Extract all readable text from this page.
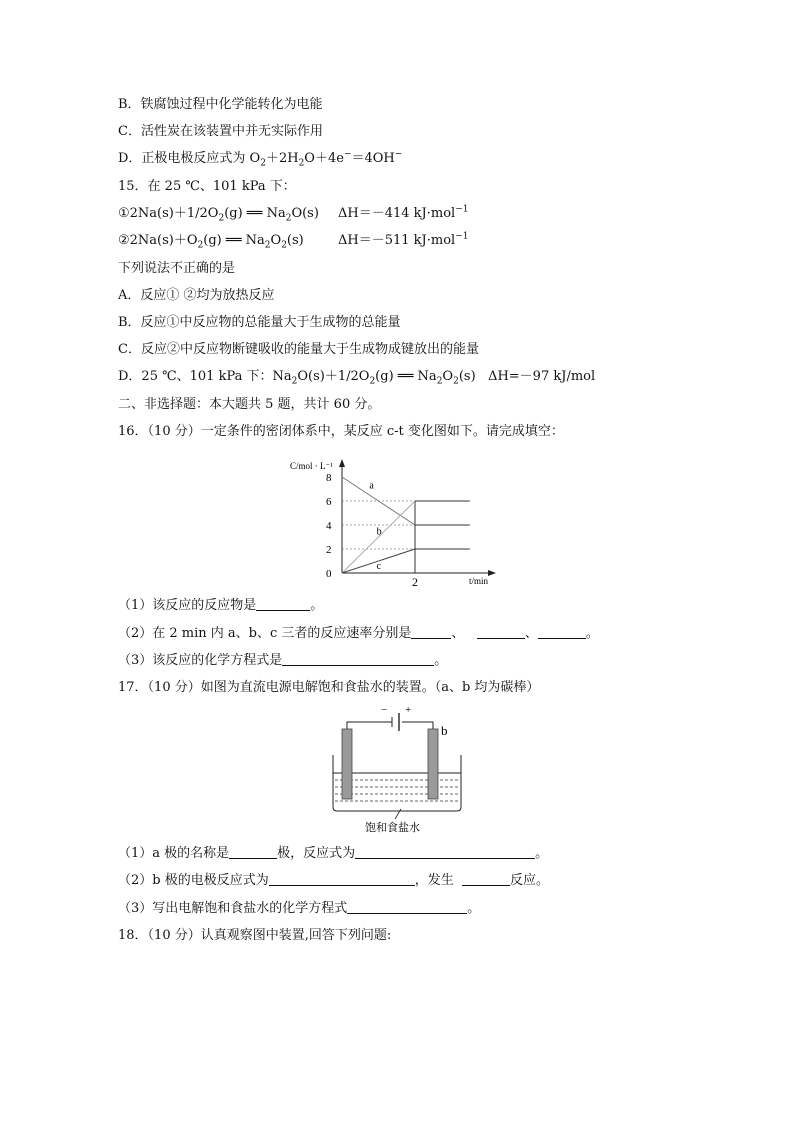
B．铁腐蚀过程中化学能转化为电能
C．活性炭在该装置中并无实际作用
D．正极电极反应式为 $O_2+2H_2O+4e^-=4OH^-$
15．在 25 ℃、101 kPa 下：
$①2Na(s)+1/2O_2(g)$ ══ $Na_2O(s)$ ΔH＝－414 kJ·mol$^{-1}$
$②2Na(s)+O_2(g)$ ══ $Na_2O_2(s)$	ΔH＝－511 kJ·mol$^{-1}$
下列说法不正确的是
A．反应① ②均为放热反应
B．反应①中反应物的总能量大于生成物的总能量
C．反应②中反应物断键吸收的能量大于生成物成键放出的能量
D．25 ℃、101 kPa 下：$Na_2O(s)+1/2O_2(g)$ ══ $Na_2O_2(s)$ ΔH=－97 kJ/mol
二、非选择题：本大题共 5 题，共计 60 分。
16．（10 分）一定条件的密闭体系中，某反应 c-t 变化图如下。请完成填空：
C/mol · L⁻¹
t/min
0
2
4
6
8
2
a
b
c
（1）该反应的反应物是	。
（2）在 2 min 内 a、b、c 三者的反应速率分别是	、	、	。
（3）该反应的化学方程式是	。
17．（10 分）如图为直流电源电解饱和食盐水的装置。（a、b 均为碳棒）
− +
b
饱和食盐水
（1）a 极的名称是	极，反应式为	。
（2）b 极的电极反应式为	，发生	反应。
（3）写出电解饱和食盐水的化学方程式	。
18．（10 分）认真观察图中装置,回答下列问题:
